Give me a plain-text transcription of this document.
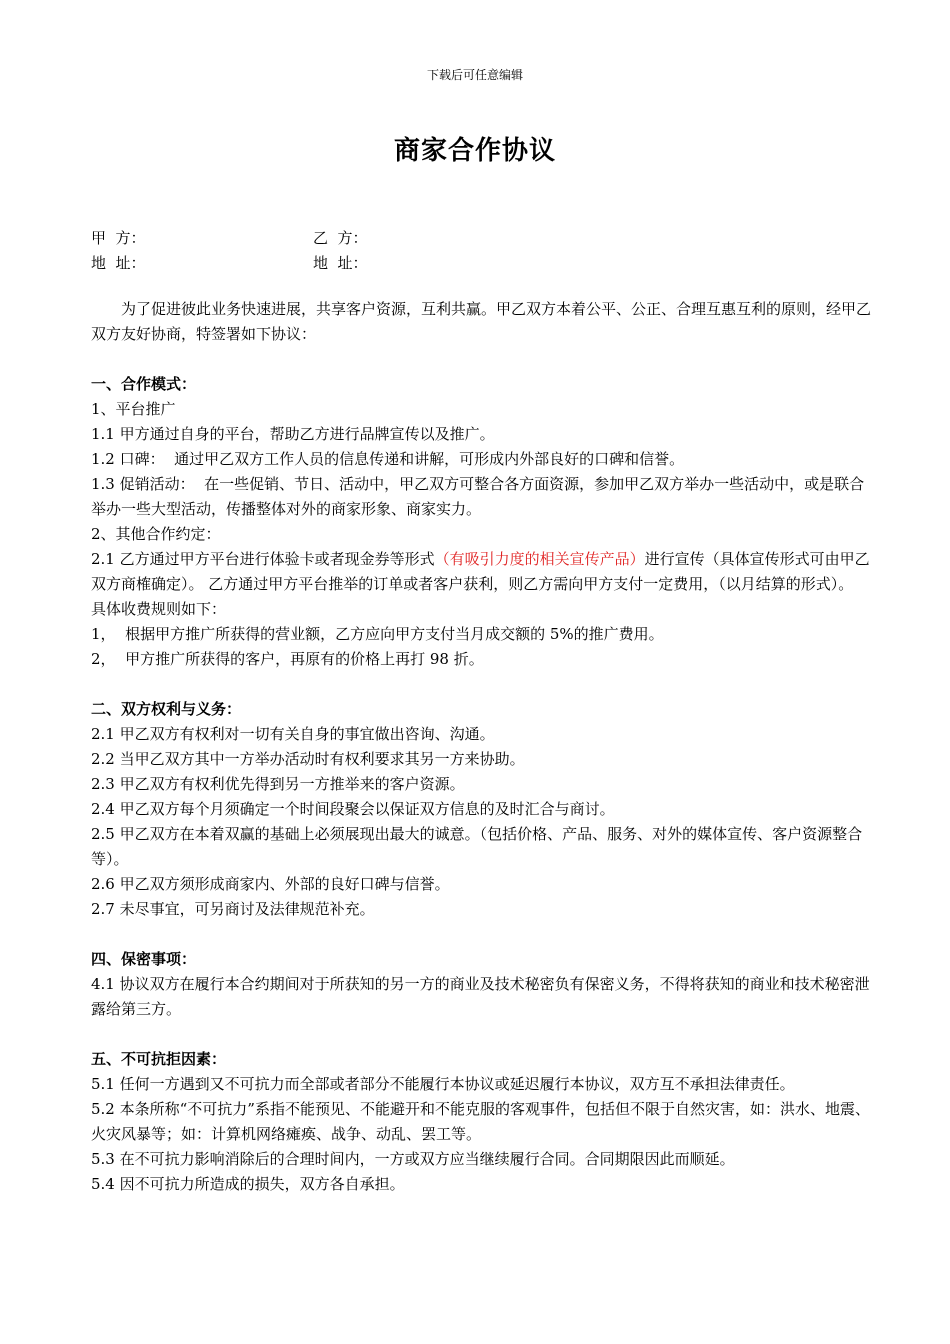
下载后可任意编辑
商家合作协议
甲  方：	乙  方：
地  址：	地  址：

为了促进彼此业务快速进展，共享客户资源，互利共赢。甲乙双方本着公平、公正、合理互惠互利的原则，经甲乙双方友好协商，特签署如下协议：

一、合作模式：

1、平台推广

1.1 甲方通过自身的平台，帮助乙方进行品牌宣传以及推广。

1.2 口碑：  通过甲乙双方工作人员的信息传递和讲解，可形成内外部良好的口碑和信誉。

1.3 促销活动：  在一些促销、节日、活动中，甲乙双方可整合各方面资源，参加甲乙双方举办一些活动中，或是联合举办一些大型活动，传播整体对外的商家形象、商家实力。

2、其他合作约定：

2.1 乙方通过甲方平台进行体验卡或者现金券等形式（有吸引力度的相关宣传产品）进行宣传（具体宣传形式可由甲乙双方商榷确定）。 乙方通过甲方平台推举的订单或者客户获利，则乙方需向甲方支付一定费用，（以月结算的形式）。

具体收费规则如下：

1，  根据甲方推广所获得的营业额，乙方应向甲方支付当月成交额的 5%的推广费用。

2，  甲方推广所获得的客户，再原有的价格上再打 98 折。

二、双方权利与义务：

2.1 甲乙双方有权利对一切有关自身的事宜做出咨询、沟通。

2.2 当甲乙双方其中一方举办活动时有权利要求其另一方来协助。

2.3 甲乙双方有权利优先得到另一方推举来的客户资源。

2.4 甲乙双方每个月须确定一个时间段聚会以保证双方信息的及时汇合与商讨。

2.5 甲乙双方在本着双赢的基础上必须展现出最大的诚意。（包括价格、产品、服务、对外的媒体宣传、客户资源整合等）。

2.6 甲乙双方须形成商家内、外部的良好口碑与信誉。

2.7 未尽事宜，可另商讨及法律规范补充。

四、保密事项：

4.1 协议双方在履行本合约期间对于所获知的另一方的商业及技术秘密负有保密义务，不得将获知的商业和技术秘密泄露给第三方。

五、不可抗拒因素：

5.1 任何一方遇到又不可抗力而全部或者部分不能履行本协议或延迟履行本协议，双方互不承担法律责任。

5.2 本条所称“不可抗力”系指不能预见、不能避开和不能克服的客观事件，包括但不限于自然灾害，如：洪水、地震、火灾风暴等；如：计算机网络瘫痪、战争、动乱、罢工等。

5.3 在不可抗力影响消除后的合理时间内，一方或双方应当继续履行合同。合同期限因此而顺延。

5.4 因不可抗力所造成的损失，双方各自承担。
